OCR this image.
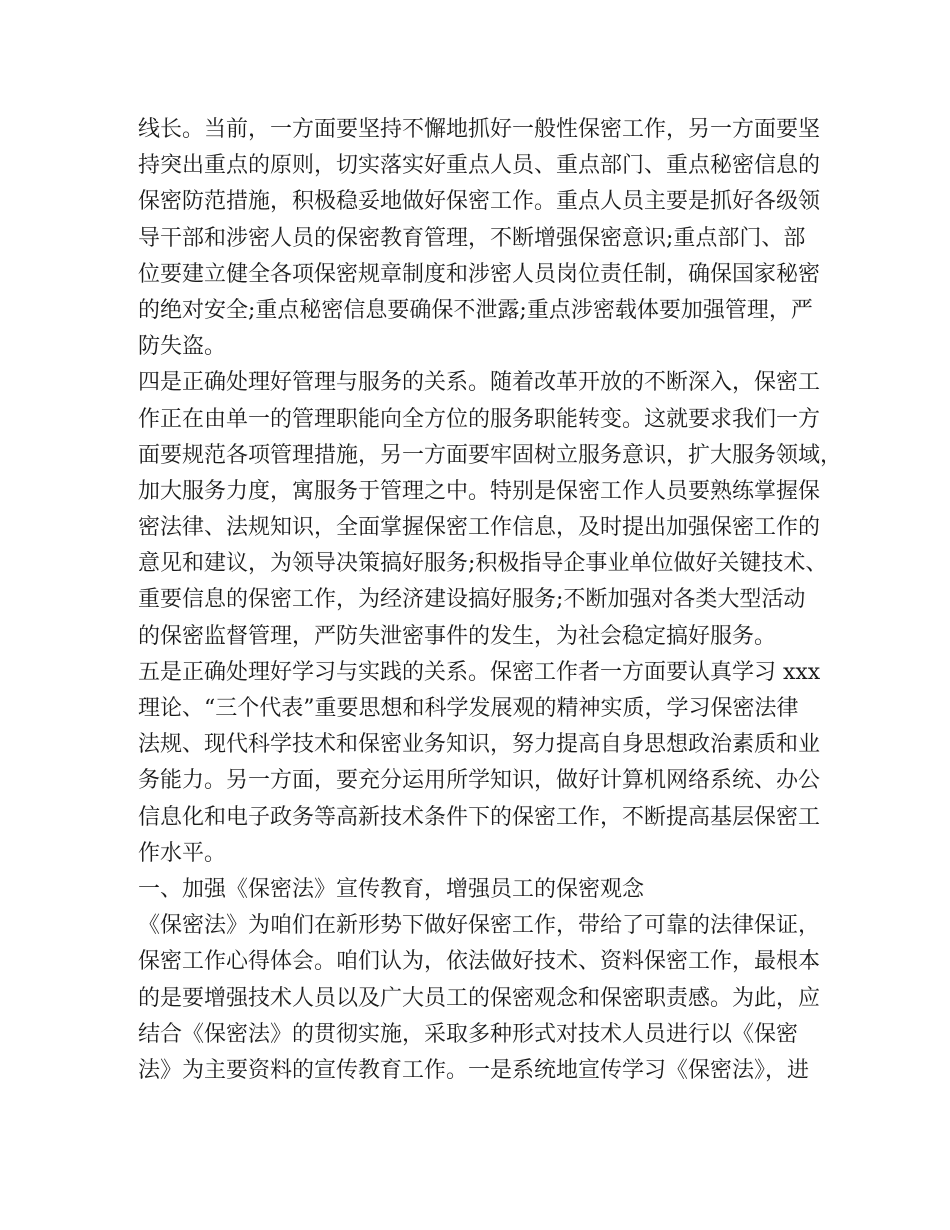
线长。当前，一方面要坚持不懈地抓好一般性保密工作，另一方面要坚
持突出重点的原则，切实落实好重点人员、重点部门、重点秘密信息的
保密防范措施，积极稳妥地做好保密工作。重点人员主要是抓好各级领
导干部和涉密人员的保密教育管理，不断增强保密意识;重点部门、部
位要建立健全各项保密规章制度和涉密人员岗位责任制，确保国家秘密
的绝对安全;重点秘密信息要确保不泄露;重点涉密载体要加强管理，严
防失盗。
四是正确处理好管理与服务的关系。随着改革开放的不断深入，保密工
作正在由单一的管理职能向全方位的服务职能转变。这就要求我们一方
面要规范各项管理措施，另一方面要牢固树立服务意识，扩大服务领域，
加大服务力度，寓服务于管理之中。特别是保密工作人员要熟练掌握保
密法律、法规知识，全面掌握保密工作信息，及时提出加强保密工作的
意见和建议，为领导决策搞好服务;积极指导企事业单位做好关键技术、
重要信息的保密工作，为经济建设搞好服务;不断加强对各类大型活动
的保密监督管理，严防失泄密事件的发生，为社会稳定搞好服务。
五是正确处理好学习与实践的关系。保密工作者一方面要认真学习 xxx
理论、“三个代表”重要思想和科学发展观的精神实质，学习保密法律
法规、现代科学技术和保密业务知识，努力提高自身思想政治素质和业
务能力。另一方面，要充分运用所学知识，做好计算机网络系统、办公
信息化和电子政务等高新技术条件下的保密工作，不断提高基层保密工
作水平。
一、加强《保密法》宣传教育，增强员工的保密观念
《保密法》为咱们在新形势下做好保密工作，带给了可靠的法律保证，
保密工作心得体会。咱们认为，依法做好技术、资料保密工作，最根本
的是要增强技术人员以及广大员工的保密观念和保密职责感。为此，应
结合《保密法》的贯彻实施，采取多种形式对技术人员进行以《保密
法》为主要资料的宣传教育工作。一是系统地宣传学习《保密法》，进
